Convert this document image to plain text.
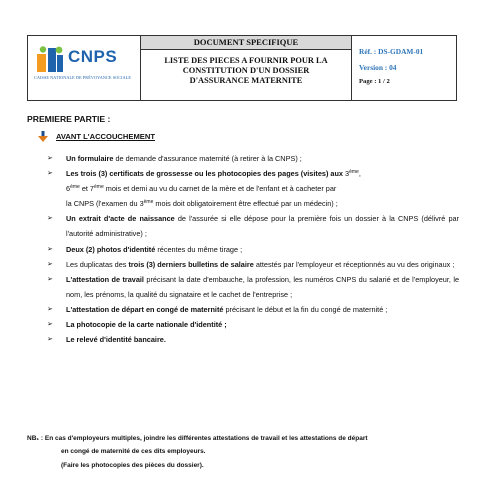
CNPS
CAISSE NATIONALE DE PRÉVOYANCE SOCIALE
DOCUMENT SPECIFIQUE
LISTE DES PIECES A FOURNIR POUR LA
CONSTITUTION D'UN DOSSIER
D'ASSURANCE MATERNITE
Réf. : DS-GDAM-01
Version : 04
Page : 1 / 2
PREMIERE PARTIE :
AVANT L'ACCOUCHEMENT
➢ Un formulaire de demande d'assurance maternité (à retirer à la CNPS) ;
➢ Les trois (3) certificats de grossesse ou les photocopies des pages (visites) aux 3ème,
6ème et 7ème mois et demi au vu du carnet de la mère et de l'enfant et à cacheter par
la CNPS (l'examen du 3ème mois doit obligatoirement être effectué par un médecin) ;
➢ Un extrait d'acte de naissance de l'assurée si elle dépose pour la première fois un dossier à la CNPS (délivré par l'autorité administrative) ;
➢ Deux (2) photos d'identité récentes du même tirage ;
➢ Les duplicatas des trois (3) derniers bulletins de salaire attestés par l'employeur et réceptionnés au vu des originaux ;
➢ L'attestation de travail précisant la date d'embauche, la profession, les numéros CNPS du salarié et de l'employeur, le nom, les prénoms, la qualité du signataire et le cachet de l'entreprise ;
➢ L'attestation de départ en congé de maternité précisant le début et la fin du congé de maternité ;
➢ La photocopie de la carte nationale d'identité ;
➢ Le relevé d'identité bancaire.
NB₁ : En cas d'employeurs multiples, joindre les différentes attestations de travail et les attestations de départ
en congé de maternité de ces dits employeurs.
(Faire les photocopies des pièces du dossier).
